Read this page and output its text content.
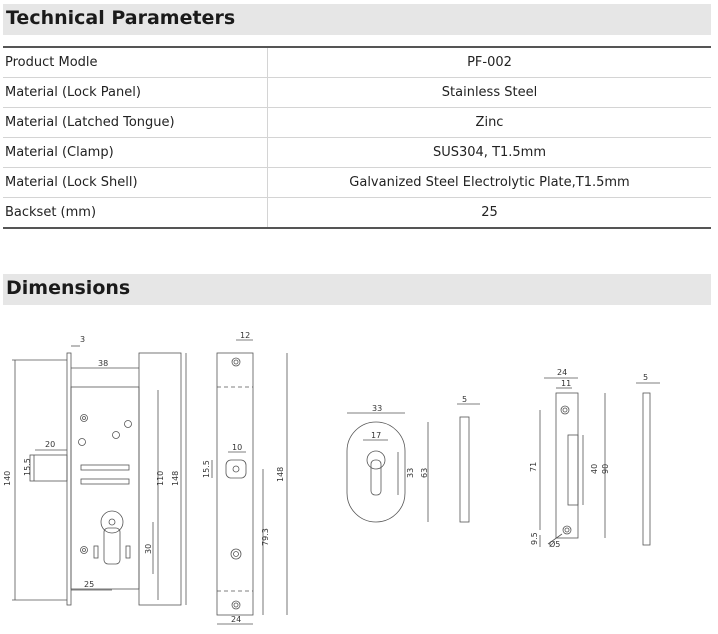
Technical Parameters
Product Modle	PF-002
Material (Lock Panel)	Stainless Steel
Material (Latched Tongue)	Zinc
Material (Clamp)	SUS304, T1.5mm
Material (Lock Shell)	Galvanized Steel Electrolytic Plate,T1.5mm
Backset (mm)	25
Dimensions
3
38
140
20
15.5
110 148
30
25
12
10
15.5	148
79.3
24
33
17
33 63
5
24
11
71	40 90
9.5 Ø5
5
